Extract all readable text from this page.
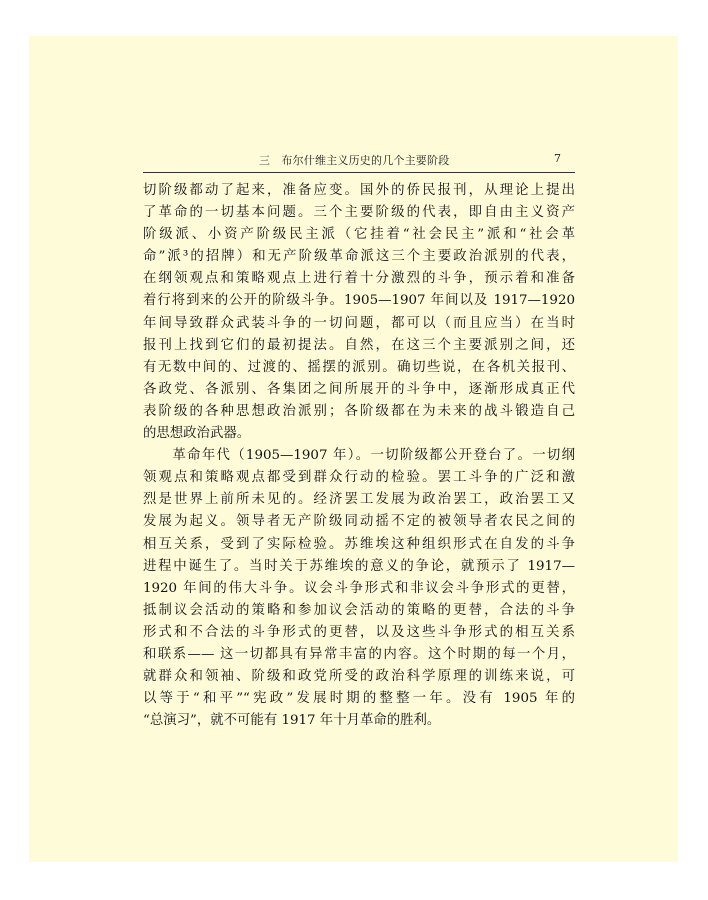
三　布尔什维主义历史的几个主要阶段	7
切阶级都动了起来，准备应变。国外的侨民报刊，从理论上提出
了革命的一切基本问题。三个主要阶级的代表，即自由主义资产
阶级派、小资产阶级民主派（它挂着“社会民主”派和“社会革
命”派³的招牌）和无产阶级革命派这三个主要政治派别的代表，
在纲领观点和策略观点上进行着十分激烈的斗争，预示着和准备
着行将到来的公开的阶级斗争。1905—1907 年间以及 1917—1920
年间导致群众武装斗争的一切问题，都可以（而且应当）在当时
报刊上找到它们的最初提法。自然，在这三个主要派别之间，还
有无数中间的、过渡的、摇摆的派别。确切些说，在各机关报刊、
各政党、各派别、各集团之间所展开的斗争中，逐渐形成真正代
表阶级的各种思想政治派别；各阶级都在为未来的战斗锻造自己
的思想政治武器。
　　革命年代（1905—1907 年）。一切阶级都公开登台了。一切纲
领观点和策略观点都受到群众行动的检验。罢工斗争的广泛和激
烈是世界上前所未见的。经济罢工发展为政治罢工，政治罢工又
发展为起义。领导者无产阶级同动摇不定的被领导者农民之间的
相互关系，受到了实际检验。苏维埃这种组织形式在自发的斗争
进程中诞生了。当时关于苏维埃的意义的争论，就预示了 1917—
1920 年间的伟大斗争。议会斗争形式和非议会斗争形式的更替，
抵制议会活动的策略和参加议会活动的策略的更替，合法的斗争
形式和不合法的斗争形式的更替，以及这些斗争形式的相互关系
和联系—— 这一切都具有异常丰富的内容。这个时期的每一个月，
就群众和领袖、阶级和政党所受的政治科学原理的训练来说，可
以等于“和平”“宪政”发展时期的整整一年。没有 1905 年的
“总演习”，就不可能有 1917 年十月革命的胜利。
